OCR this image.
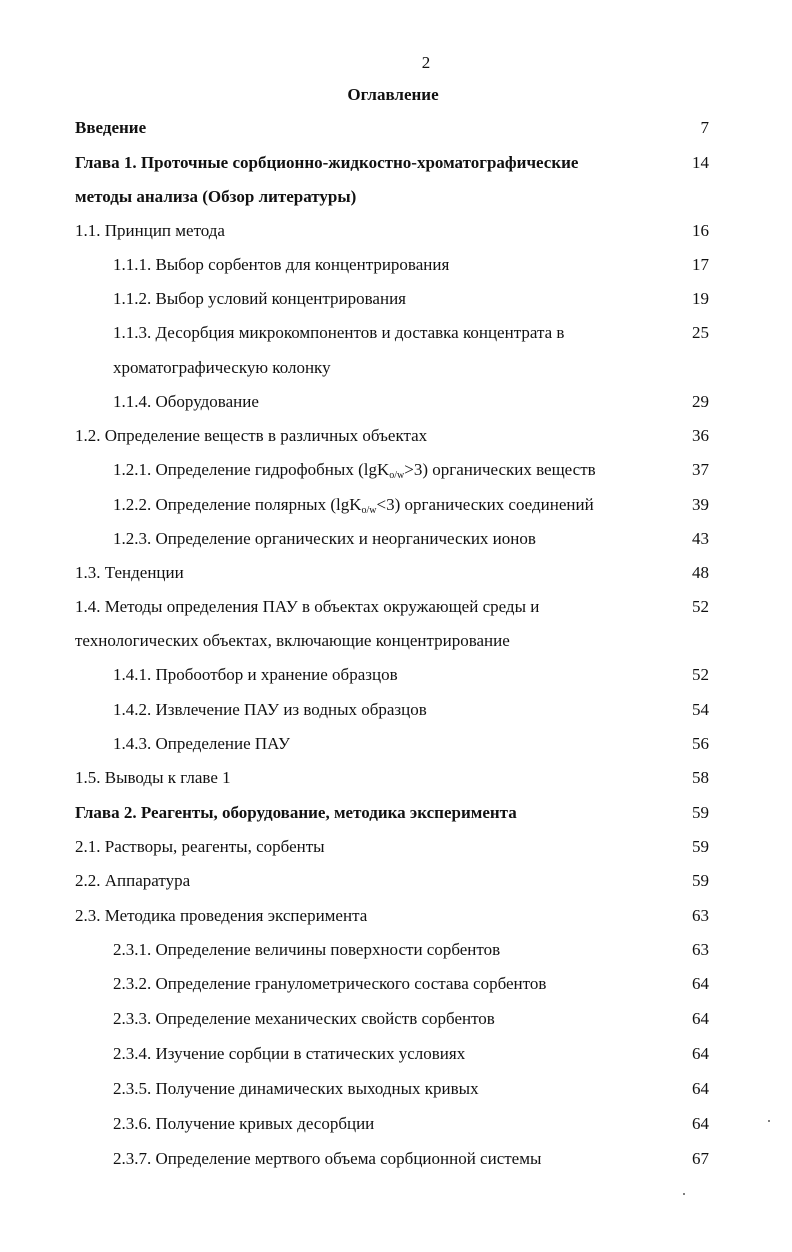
2
Оглавление
Введение	7
Глава 1. Проточные сорбционно-жидкостно-хроматографические	14
методы анализа (Обзор литературы)
1.1. Принцип метода	16
1.1.1. Выбор сорбентов для концентрирования	17
1.1.2. Выбор условий концентрирования	19
1.1.3. Десорбция микрокомпонентов и доставка концентрата в	25
хроматографическую колонку
1.1.4. Оборудование	29
1.2. Определение веществ в различных объектах	36
1.2.1. Определение гидрофобных (lgK$_{o/w}$>3) органических веществ	37
1.2.2. Определение полярных (lgK$_{o/w}$<3) органических соединений	39
1.2.3. Определение органических и неорганических ионов	43
1.3. Тенденции	48
1.4. Методы определения ПАУ в объектах окружающей среды и	52
технологических объектах, включающие концентрирование
1.4.1. Пробоотбор и хранение образцов	52
1.4.2. Извлечение ПАУ из водных образцов	54
1.4.3. Определение ПАУ	56
1.5. Выводы к главе 1	58
Глава 2. Реагенты, оборудование, методика эксперимента	59
2.1. Растворы, реагенты, сорбенты	59
2.2. Аппаратура	59
2.3. Методика проведения эксперимента	63
2.3.1. Определение величины поверхности сорбентов	63
2.3.2. Определение гранулометрического состава сорбентов	64
2.3.3. Определение механических свойств сорбентов	64
2.3.4. Изучение сорбции в статических условиях	64
2.3.5. Получение динамических выходных кривых	64
2.3.6. Получение кривых десорбции	64
2.3.7. Определение мертвого объема сорбционной системы	67
